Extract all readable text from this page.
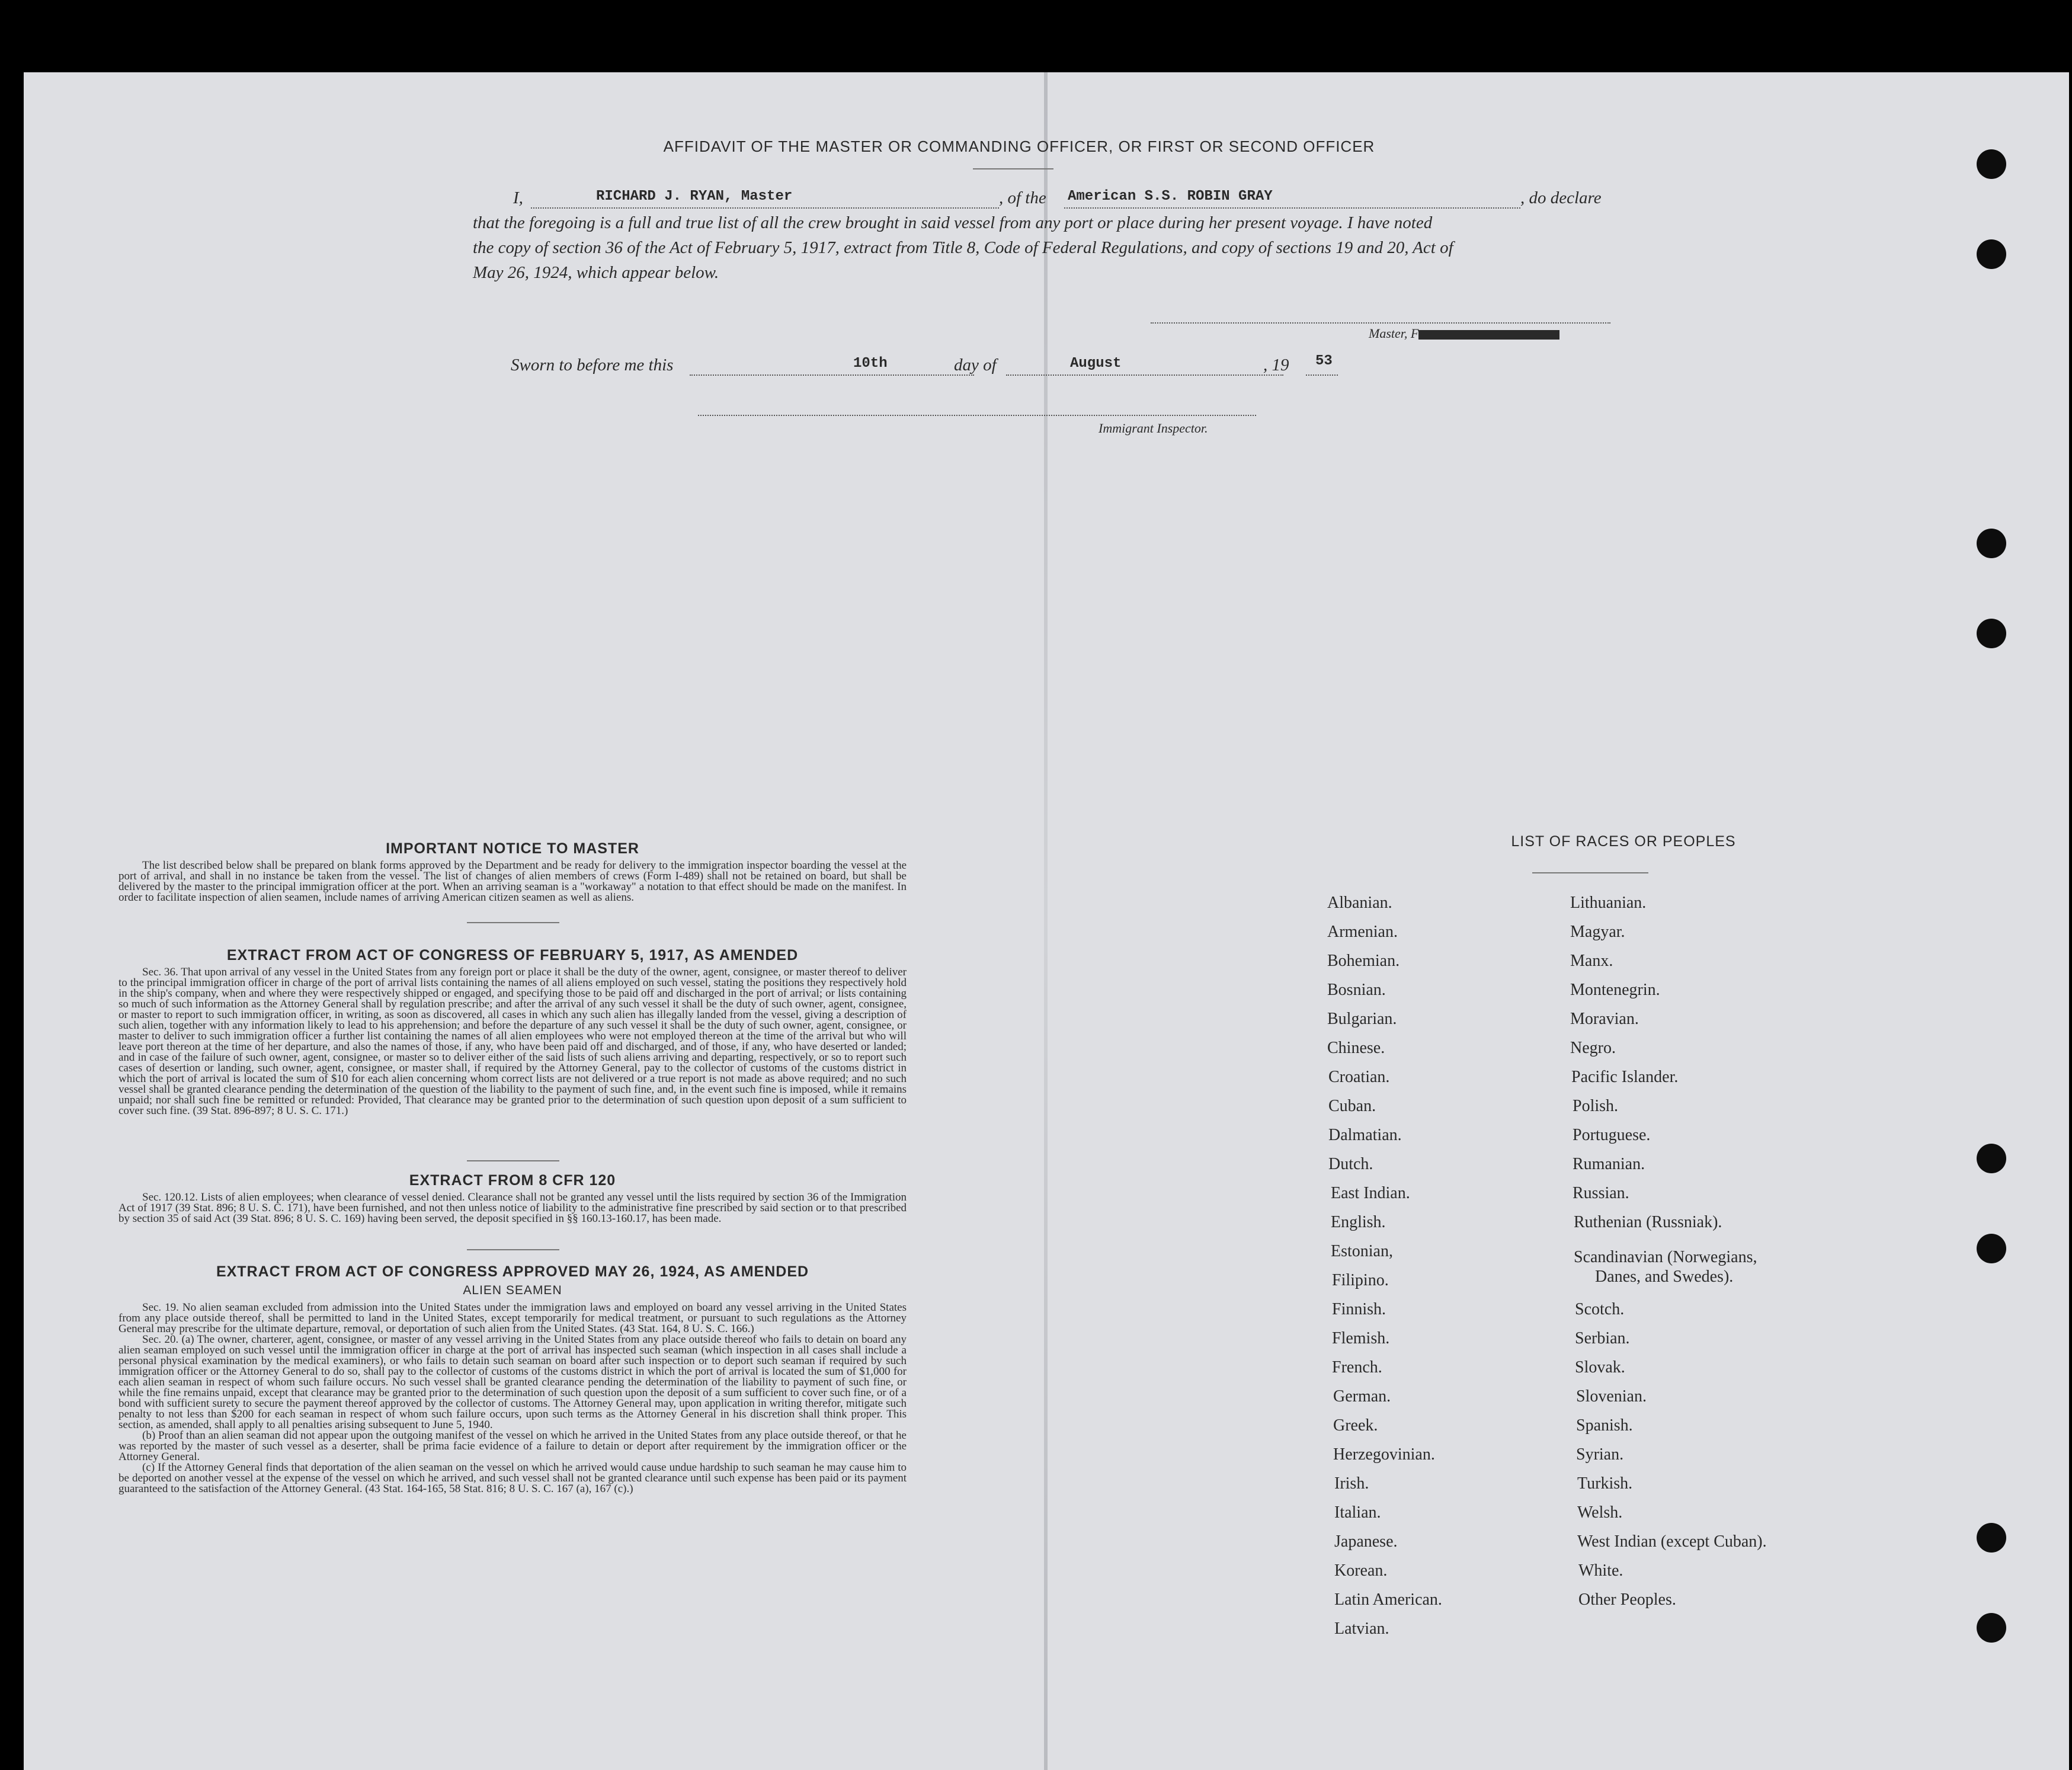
AFFIDAVIT OF THE MASTER OR COMMANDING OFFICER, OR FIRST OR SECOND OFFICER
I,	RICHARD J. RYAN, Master	, of the American S.S. ROBIN GRAY	, do declare
that the foregoing is a full and true list of all the crew brought in said vessel from any port or place during her present voyage. I have noted
the copy of section 36 of the Act of February 5, 1917, extract from Title 8, Code of Federal Regulations, and copy of sections 19 and 20, Act of
May 26, 1924, which appear below.
Master, F
Sworn to before me this	10th	day of	August	, 19 53
Immigrant Inspector.
IMPORTANT NOTICE TO MASTER
The list described below shall be prepared on blank forms approved by the Department and be ready for delivery to the immigration inspector boarding the vessel at the port of arrival, and shall in no instance be taken from the vessel. The list of changes of alien members of crews (Form I-489) shall not be retained on board, but shall be delivered by the master to the principal immigration officer at the port. When an arriving seaman is a "workaway" a notation to that effect should be made on the manifest. In order to facilitate inspection of alien seamen, include names of arriving American citizen seamen as well as aliens.
EXTRACT FROM ACT OF CONGRESS OF FEBRUARY 5, 1917, AS AMENDED
Sec. 36. That upon arrival of any vessel in the United States from any foreign port or place it shall be the duty of the owner, agent, consignee, or master thereof to deliver to the principal immigration officer in charge of the port of arrival lists containing the names of all aliens employed on such vessel, stating the positions they respectively hold in the ship's company, when and where they were respectively shipped or engaged, and specifying those to be paid off and discharged in the port of arrival; or lists containing so much of such information as the Attorney General shall by regulation prescribe; and after the arrival of any such vessel it shall be the duty of such owner, agent, consignee, or master to report to such immigration officer, in writing, as soon as discovered, all cases in which any such alien has illegally landed from the vessel, giving a description of such alien, together with any information likely to lead to his apprehension; and before the departure of any such vessel it shall be the duty of such owner, agent, consignee, or master to deliver to such immigration officer a further list containing the names of all alien employees who were not employed thereon at the time of the arrival but who will leave port thereon at the time of her departure, and also the names of those, if any, who have been paid off and discharged, and of those, if any, who have deserted or landed; and in case of the failure of such owner, agent, consignee, or master so to deliver either of the said lists of such aliens arriving and departing, respectively, or so to report such cases of desertion or landing, such owner, agent, consignee, or master shall, if required by the Attorney General, pay to the collector of customs of the customs district in which the port of arrival is located the sum of $10 for each alien concerning whom correct lists are not delivered or a true report is not made as above required; and no such vessel shall be granted clearance pending the determination of the question of the liability to the payment of such fine, and, in the event such fine is imposed, while it remains unpaid; nor shall such fine be remitted or refunded: Provided, That clearance may be granted prior to the determination of such question upon deposit of a sum sufficient to cover such fine. (39 Stat. 896-897; 8 U. S. C. 171.)
EXTRACT FROM 8 CFR 120
Sec. 120.12. Lists of alien employees; when clearance of vessel denied. Clearance shall not be granted any vessel until the lists required by section 36 of the Immigration Act of 1917 (39 Stat. 896; 8 U. S. C. 171), have been furnished, and not then unless notice of liability to the administrative fine prescribed by said section or to that prescribed by section 35 of said Act (39 Stat. 896; 8 U. S. C. 169) having been served, the deposit specified in §§ 160.13-160.17, has been made.
EXTRACT FROM ACT OF CONGRESS APPROVED MAY 26, 1924, AS AMENDED
ALIEN SEAMEN
Sec. 19. No alien seaman excluded from admission into the United States under the immigration laws and employed on board any vessel arriving in the United States from any place outside thereof, shall be permitted to land in the United States, except temporarily for medical treatment, or pursuant to such regulations as the Attorney General may prescribe for the ultimate departure, removal, or deportation of such alien from the United States. (43 Stat. 164, 8 U. S. C. 166.)
Sec. 20. (a) The owner, charterer, agent, consignee, or master of any vessel arriving in the United States from any place outside thereof who fails to detain on board any alien seaman employed on such vessel until the immigration officer in charge at the port of arrival has inspected such seaman (which inspection in all cases shall include a personal physical examination by the medical examiners), or who fails to detain such seaman on board after such inspection or to deport such seaman if required by such immigration officer or the Attorney General to do so, shall pay to the collector of customs of the customs district in which the port of arrival is located the sum of $1,000 for each alien seaman in respect of whom such failure occurs. No such vessel shall be granted clearance pending the determination of the liability to payment of such fine, or while the fine remains unpaid, except that clearance may be granted prior to the determination of such question upon the deposit of a sum sufficient to cover such fine, or of a bond with sufficient surety to secure the payment thereof approved by the collector of customs. The Attorney General may, upon application in writing therefor, mitigate such penalty to not less than $200 for each seaman in respect of whom such failure occurs, upon such terms as the Attorney General in his discretion shall think proper. This section, as amended, shall apply to all penalties arising subsequent to June 5, 1940.
(b) Proof than an alien seaman did not appear upon the outgoing manifest of the vessel on which he arrived in the United States from any place outside thereof, or that he was reported by the master of such vessel as a deserter, shall be prima facie evidence of a failure to detain or deport after requirement by the immigration officer or the Attorney General.
(c) If the Attorney General finds that deportation of the alien seaman on the vessel on which he arrived would cause undue hardship to such seaman he may cause him to be deported on another vessel at the expense of the vessel on which he arrived, and such vessel shall not be granted clearance until such expense has been paid or its payment guaranteed to the satisfaction of the Attorney General. (43 Stat. 164-165, 58 Stat. 816; 8 U. S. C. 167 (a), 167 (c).)
LIST OF RACES OR PEOPLES
Albanian.
Armenian.
Bohemian.
Bosnian.
Bulgarian.
Chinese.
Croatian.
Cuban.
Dalmatian.
Dutch.
East Indian.
English.
Estonian,
Filipino.
Finnish.
Flemish.
French.
German.
Greek.
Herzegovinian.
Irish.
Italian.
Japanese.
Korean.
Latin American.
Latvian.
Lithuanian.
Magyar.
Manx.
Montenegrin.
Moravian.
Negro.
Pacific Islander.
Polish.
Portuguese.
Rumanian.
Russian.
Ruthenian (Russniak).
Scandinavian (Norwegians,
Danes, and Swedes).
Scotch.
Serbian.
Slovak.
Slovenian.
Spanish.
Syrian.
Turkish.
Welsh.
West Indian (except Cuban).
White.
Other Peoples.
